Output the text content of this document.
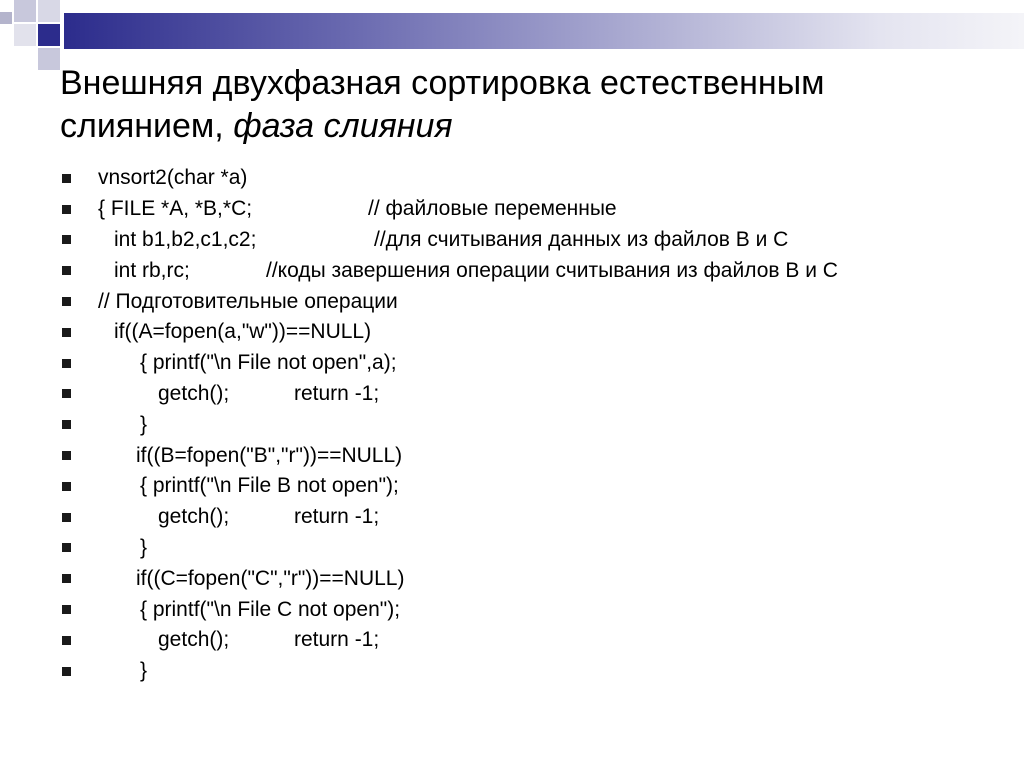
Внешняя двухфазная сортировка естественным
слиянием, фаза слияния
vnsort2(char *a)
{ FILE *A, *B,*C;	// файловые переменные
int b1,b2,c1,c2;	//для считывания данных из файлов B и C
int rb,rc;	//коды завершения операции считывания из файлов B и C
// Подготовительные операции
if((A=fopen(a,"w"))==NULL)
{ printf("\n File not open",a);
getch();	return -1;
}
if((B=fopen("B","r"))==NULL)
{ printf("\n File B not open");
getch();	return -1;
}
if((C=fopen("C","r"))==NULL)
{ printf("\n File C not open");
getch();	return -1;
}
